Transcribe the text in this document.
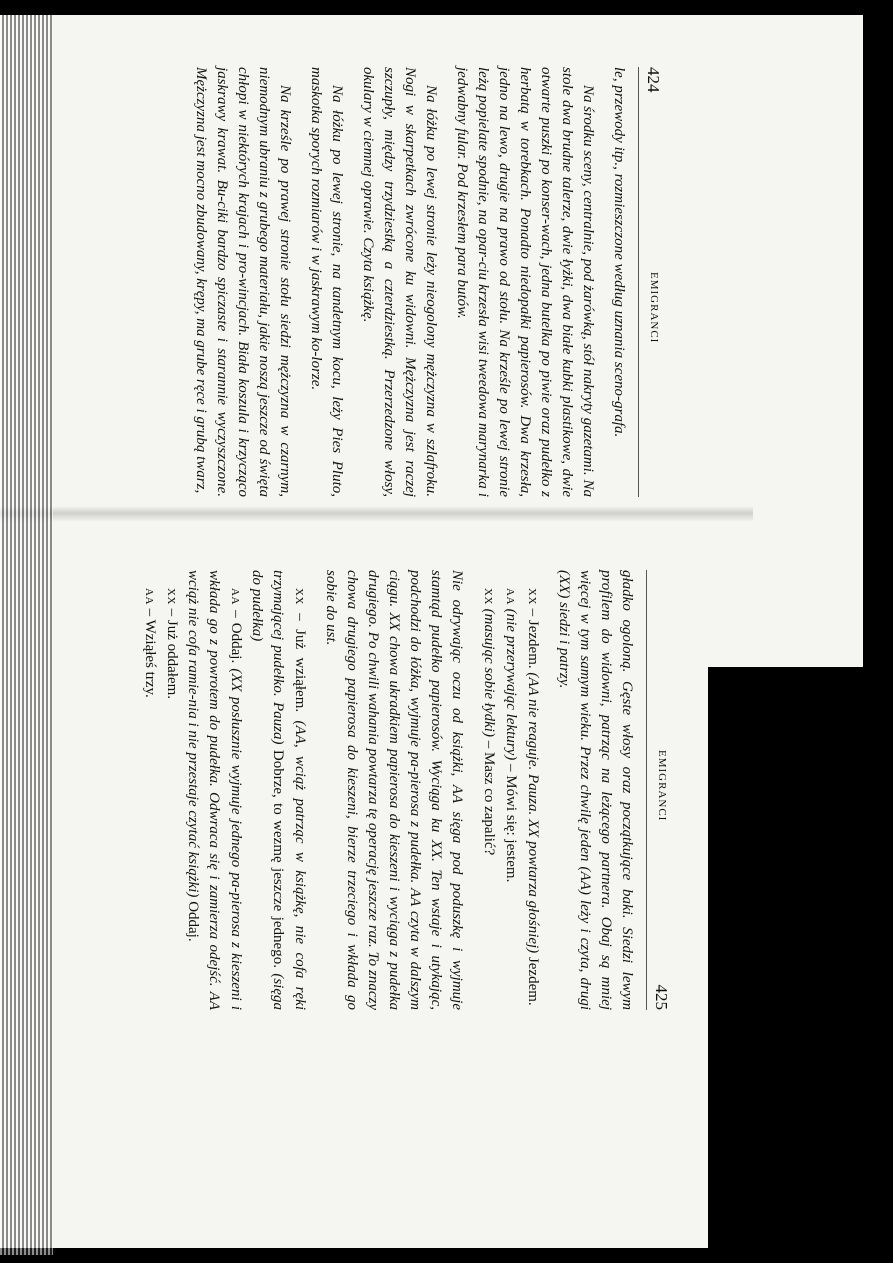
424
EMIGRANCI

le, przewody itp., rozmieszczone według uznania sceno-grafa.

Na środku sceny, centralnie, pod żarówką, stół nakryty gazetami. Na stole dwa brudne talerze, dwie łyżki, dwa białe kubki plastikowe, dwie otwarte puszki po konser-wach, jedna butelka po piwie oraz pudełko z herbatą w torebkach. Ponadto niedopałki papierosów. Dwa krzesła, jedno na lewo, drugie na prawo od stołu. Na krześle po lewej stronie leżą popielate spodnie, na opar-ciu krzesła wisi tweedowa marynarka i jedwabny fular. Pod krzesłem para butów.

Na łóżku po lewej stronie leży nieogolony mężczyzna w szlafroku. Nogi w skarpetkach zwrócone ku widowni. Mężczyzna jest raczej szczupły, między trzydziestką a czterdziestką. Przerzedzone włosy, okulary w ciemnej oprawie. Czyta książkę.

Na łóżku po lewej stronie, na tandetnym kocu, leży Pies Pluto, maskotka sporych rozmiarów i w jaskrawym ko-lorze.

Na krześle po prawej stronie stołu siedzi mężczyzna w czarnym, niemodnym ubraniu z grubego materiału, jakie noszą jeszcze od święta chłopi w niektórych krajach i pro-wincjach. Biała koszula i krzycząco jaskrawy krawat. Bu-ciki bardzo spiczaste i starannie wyczyszczone. Mężczyzna jest mocno zbudowany, krępy, ma grube ręce i grubą twarz,

EMIGRANCI
425

gładko ogoloną. Gęste włosy oraz początkujące baki. Siedzi lewym profilem do widowni, patrząc na leżącego partnera. Obaj są mniej więcej w tym samym wieku. Przez chwilę jeden (AA) leży i czyta, drugi (XX) siedzi i patrzy.

XX – Jezdem. (AA nie reaguje. Pauza. XX powtarza głośniej) Jezdem.

AA (nie przerywając lektury) – Mówi się: jestem.

XX (masując sobie łydki) – Masz co zapalić?

Nie odrywając oczu od książki, AA sięga pod poduszkę i wyjmuje stamtąd pudełko papierosów. Wyciąga ku XX. Ten wstaje i utykając, podchodzi do łóżka, wyjmuje pa-pierosa z pudełka. AA czyta w dalszym ciągu. XX chowa ukradkiem papierosa do kieszeni i wyciąga z pudełka drugiego. Po chwili wahania powtarza tę operację jeszcze raz. To znaczy chowa drugiego papierosa do kieszeni, bierze trzeciego i wkłada go sobie do ust.

XX – Już wziąłem. (AA, wciąż patrząc w książkę, nie cofa ręki trzymającej pudełko. Pauza) Dobrze, to wezmę jeszcze jednego. (sięga do pudełka)

AA – Oddaj. (XX posłusznie wyjmuje jednego pa-pierosa z kieszeni i wkłada go z powrotem do pudełka. Odwraca się i zamierza odejść. AA wciąż nie cofa ramie-nia i nie przestaje czytać książki) Oddaj.

XX – Już oddałem.

AA – Wziąłeś trzy.
